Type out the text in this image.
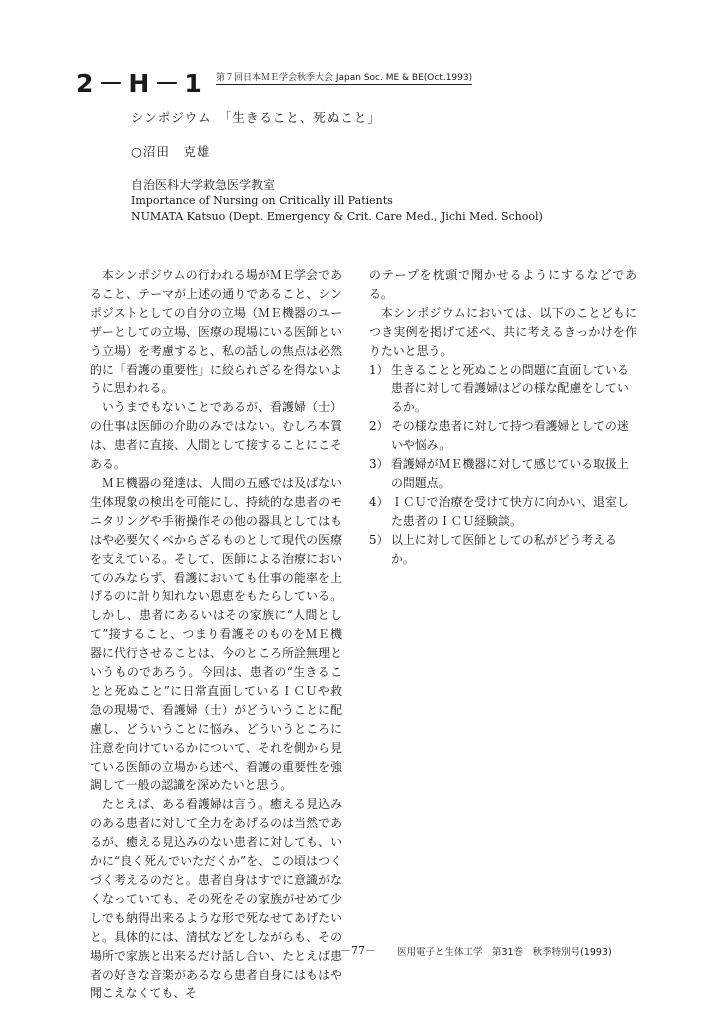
2－H－1 第７回日本ＭＥ学会秋季大会 Japan Soc. ME & BE(Oct.1993)
シンポジウム　「生きること、死ぬこと」
○沼田　克雄
自治医科大学救急医学教室
Importance of Nursing on Critically ill Patients
NUMATA Katsuo (Dept. Emergency & Crit. Care Med., Jichi Med. School)

本シンポジウムの行われる場がＭＥ学会であること、テーマが上述の通りであること、シンポジストとしての自分の立場（ＭＥ機器のユーザーとしての立場、医療の現場にいる医師という立場）を考慮すると、私の話しの焦点は必然的に「看護の重要性」に絞られざるを得ないように思われる。

いうまでもないことであるが、看護婦（士）の仕事は医師の介助のみではない。むしろ本質は、患者に直接、人間として接することにこそある。

ＭＥ機器の発達は、人間の五感では及ばない生体現象の検出を可能にし、持続的な患者のモニタリングや手術操作その他の器具としてはもはや必要欠くべからざるものとして現代の医療を支えている。そして、医師による治療においてのみならず、看護においても仕事の能率を上げるのに計り知れない恩恵をもたらしている。しかし、患者にあるいはその家族に“人間として”接すること、つまり看護そのものをＭＥ機器に代行させることは、今のところ所詮無理というものであろう。今回は、患者の“生きることと死ぬこと”に日常直面しているＩＣＵや救急の現場で、看護婦（士）がどういうことに配慮し、どういうことに悩み、どういうところに注意を向けているかについて、それを側から見ている医師の立場から述べ、看護の重要性を強調して一般の認識を深めたいと思う。

たとえば、ある看護婦は言う。癒える見込みのある患者に対して全力をあげるのは当然であるが、癒える見込みのない患者に対しても、いかに“良く死んでいただくか”を、この頃はつくづく考えるのだと。患者自身はすでに意識がなくなっていても、その死をその家族がせめて少しでも納得出来るような形で死なせてあげたいと。具体的には、清拭などをしながらも、その場所で家族と出来るだけ話し合い、たとえば患者の好きな音楽があるなら患者自身にはもはや聞こえなくても、そ

のテープを枕頭で聞かせるようにするなどである。

本シンポジウムにおいては、以下のことどもにつき実例を掲げて述べ、共に考えるきっかけを作りたいと思う。

1） 生きることと死ぬことの問題に直面している患者に対して看護婦はどの様な配慮をしているか。
2） その様な患者に対して持つ看護婦としての迷いや悩み。
3） 看護婦がＭＥ機器に対して感じている取扱上の問題点。
4） ＩＣＵで治療を受けて快方に向かい、退室した患者のＩＣＵ経験談。
5） 以上に対して医師としての私がどう考えるか。
－77－ 医用電子と生体工学　第31巻　秋季特別号(1993)
